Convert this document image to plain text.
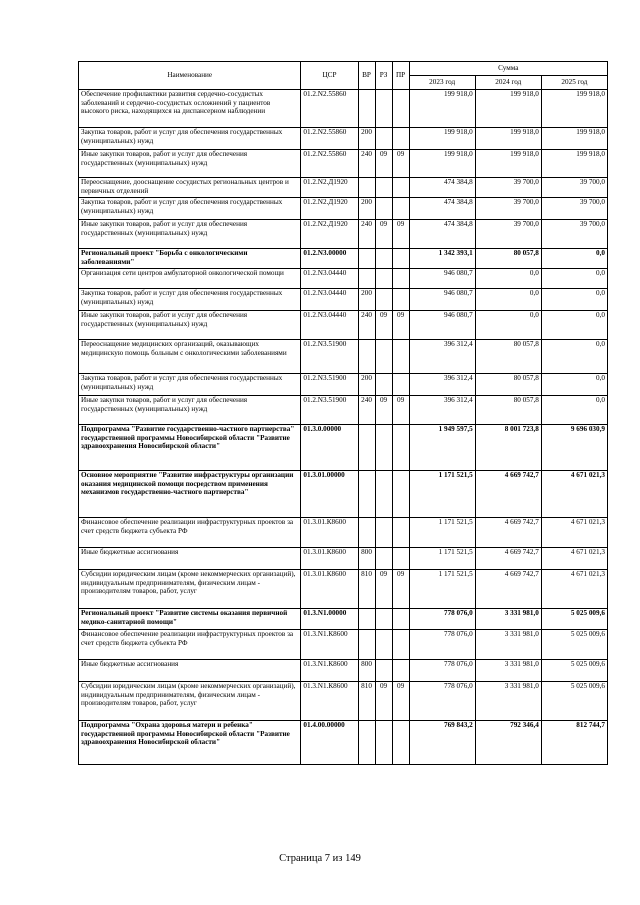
Наименование	ЦСР	ВР	РЗ	ПР	Сумма		
					2023 год	2024 год	2025 год
Обеспечение профилактики развития сердечно-сосудистых заболеваний и сердечно-сосудистых осложнений у пациентов высокого риска, находящихся на диспансерном наблюдении	01.2.N2.55860				199 918,0	199 918,0	199 918,0
Закупка товаров, работ и услуг для обеспечения государственных (муниципальных) нужд	01.2.N2.55860	200			199 918,0	199 918,0	199 918,0
Иные закупки товаров, работ и услуг для обеспечения государственных (муниципальных) нужд	01.2.N2.55860	240	09	09	199 918,0	199 918,0	199 918,0
Переоснащение, дооснащение сосудистых региональных центров и первичных отделений	01.2.N2.Д1920				474 384,8	39 700,0	39 700,0
Закупка товаров, работ и услуг для обеспечения государственных (муниципальных) нужд	01.2.N2.Д1920	200			474 384,8	39 700,0	39 700,0
Иные закупки товаров, работ и услуг для обеспечения государственных (муниципальных) нужд	01.2.N2.Д1920	240	09	09	474 384,8	39 700,0	39 700,0
Региональный проект "Борьба с онкологическими заболеваниями"	01.2.N3.00000				1 342 393,1	80 057,8	0,0
Организация сети центров амбулаторной онкологической помощи	01.2.N3.04440				946 080,7	0,0	0,0
Закупка товаров, работ и услуг для обеспечения государственных (муниципальных) нужд	01.2.N3.04440	200			946 080,7	0,0	0,0
Иные закупки товаров, работ и услуг для обеспечения государственных (муниципальных) нужд	01.2.N3.04440	240	09	09	946 080,7	0,0	0,0
Переоснащение медицинских организаций, оказывающих медицинскую помощь больным с онкологическими заболеваниями	01.2.N3.51900				396 312,4	80 057,8	0,0
Закупка товаров, работ и услуг для обеспечения государственных (муниципальных) нужд	01.2.N3.51900	200			396 312,4	80 057,8	0,0
Иные закупки товаров, работ и услуг для обеспечения государственных (муниципальных) нужд	01.2.N3.51900	240	09	09	396 312,4	80 057,8	0,0
Подпрограмма "Развитие государственно-частного партнерства" государственной программы Новосибирской области "Развитие здравоохранения Новосибирской области"	01.3.0.00000				1 949 597,5	8 001 723,8	9 696 030,9
Основное мероприятие "Развитие инфраструктуры организации оказания медицинской помощи посредством применения механизмов государственно-частного партнерства"	01.3.01.00000				1 171 521,5	4 669 742,7	4 671 021,3
Финансовое обеспечение реализации инфраструктурных проектов за счет средств бюджета субъекта РФ	01.3.01.К8600				1 171 521,5	4 669 742,7	4 671 021,3
Иные бюджетные ассигнования	01.3.01.К8600	800			1 171 521,5	4 669 742,7	4 671 021,3
Субсидии юридическим лицам (кроме некоммерческих организаций), индивидуальным предпринимателям, физическим лицам - производителям товаров, работ, услуг	01.3.01.К8600	810	09	09	1 171 521,5	4 669 742,7	4 671 021,3
Региональный проект "Развитие системы оказания первичной медико-санитарной помощи"	01.3.N1.00000				778 076,0	3 331 981,0	5 025 009,6
Финансовое обеспечение реализации инфраструктурных проектов за счет средств бюджета субъекта РФ	01.3.N1.К8600				778 076,0	3 331 981,0	5 025 009,6
Иные бюджетные ассигнования	01.3.N1.К8600	800			778 076,0	3 331 981,0	5 025 009,6
Субсидии юридическим лицам (кроме некоммерческих организаций), индивидуальным предпринимателям, физическим лицам - производителям товаров, работ, услуг	01.3.N1.К8600	810	09	09	778 076,0	3 331 981,0	5 025 009,6
Подпрограмма "Охрана здоровья матери и ребенка" государственной программы Новосибирской области "Развитие здравоохранения Новосибирской области"	01.4.00.00000				769 843,2	792 346,4	812 744,7
Страница 7 из 149
